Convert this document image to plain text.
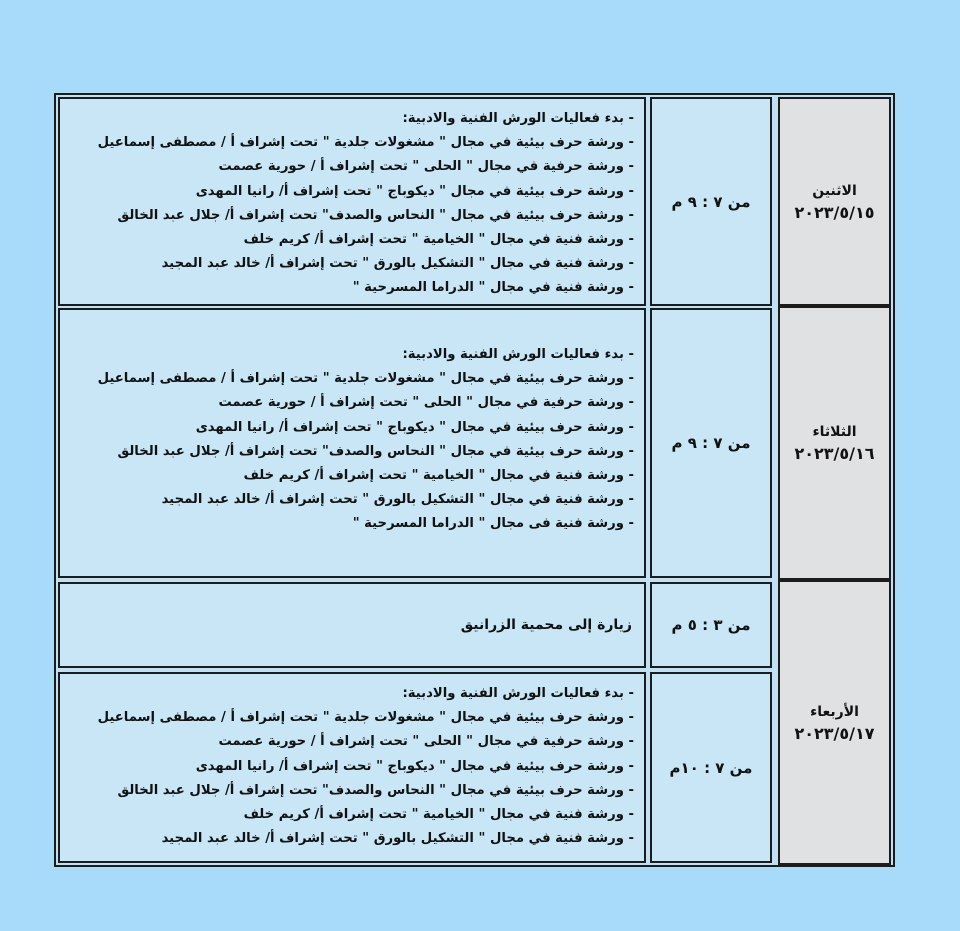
الاثنين
٢٠٢٣/٥/١٥
من ٧ : ٩ م
- بدء فعاليات الورش الفنية والادبية:
- ورشة حرف بيئية في مجال " مشغولات جلدية " تحت إشراف أ / مصطفى إسماعيل
- ورشة حرفية في مجال " الحلى " تحت إشراف أ / حورية عصمت
- ورشة حرف بيئية في مجال " ديكوباج " تحت إشراف أ/ رانيا المهدى
- ورشة حرف بيئية في مجال " النحاس والصدف" تحت إشراف أ/ جلال عبد الخالق
- ورشة فنية في مجال " الخيامية " تحت إشراف أ/ كريم خلف
- ورشة فنية في مجال " التشكيل بالورق " تحت إشراف أ/ خالد عبد المجيد
- ورشة فنية في مجال " الدراما المسرحية "
الثلاثاء
٢٠٢٣/٥/١٦
من ٧ : ٩ م
- بدء فعاليات الورش الفنية والادبية:
- ورشة حرف بيئية في مجال " مشغولات جلدية " تحت إشراف أ / مصطفى إسماعيل
- ورشة حرفية في مجال " الحلى " تحت إشراف أ / حورية عصمت
- ورشة حرف بيئية في مجال " ديكوباج " تحت إشراف أ/ رانيا المهدى
- ورشة حرف بيئية في مجال " النحاس والصدف" تحت إشراف أ/ جلال عبد الخالق
- ورشة فنية في مجال " الخيامية " تحت إشراف أ/ كريم خلف
- ورشة فنية في مجال " التشكيل بالورق " تحت إشراف أ/ خالد عبد المجيد
- ورشة فنية فى مجال " الدراما المسرحية "
الأربعاء
٢٠٢٣/٥/١٧
من ٣ : ٥ م
زيارة إلى محمية الزرانيق
من ٧ : ١٠م
- بدء فعاليات الورش الفنية والادبية:
- ورشة حرف بيئية في مجال " مشغولات جلدية " تحت إشراف أ / مصطفى إسماعيل
- ورشة حرفية في مجال " الحلى " تحت إشراف أ / حورية عصمت
- ورشة حرف بيئية في مجال " ديكوباج " تحت إشراف أ/ رانيا المهدى
- ورشة حرف بيئية في مجال " النحاس والصدف" تحت إشراف أ/ جلال عبد الخالق
- ورشة فنية في مجال " الخيامية " تحت إشراف أ/ كريم خلف
- ورشة فنية في مجال " التشكيل بالورق " تحت إشراف أ/ خالد عبد المجيد
